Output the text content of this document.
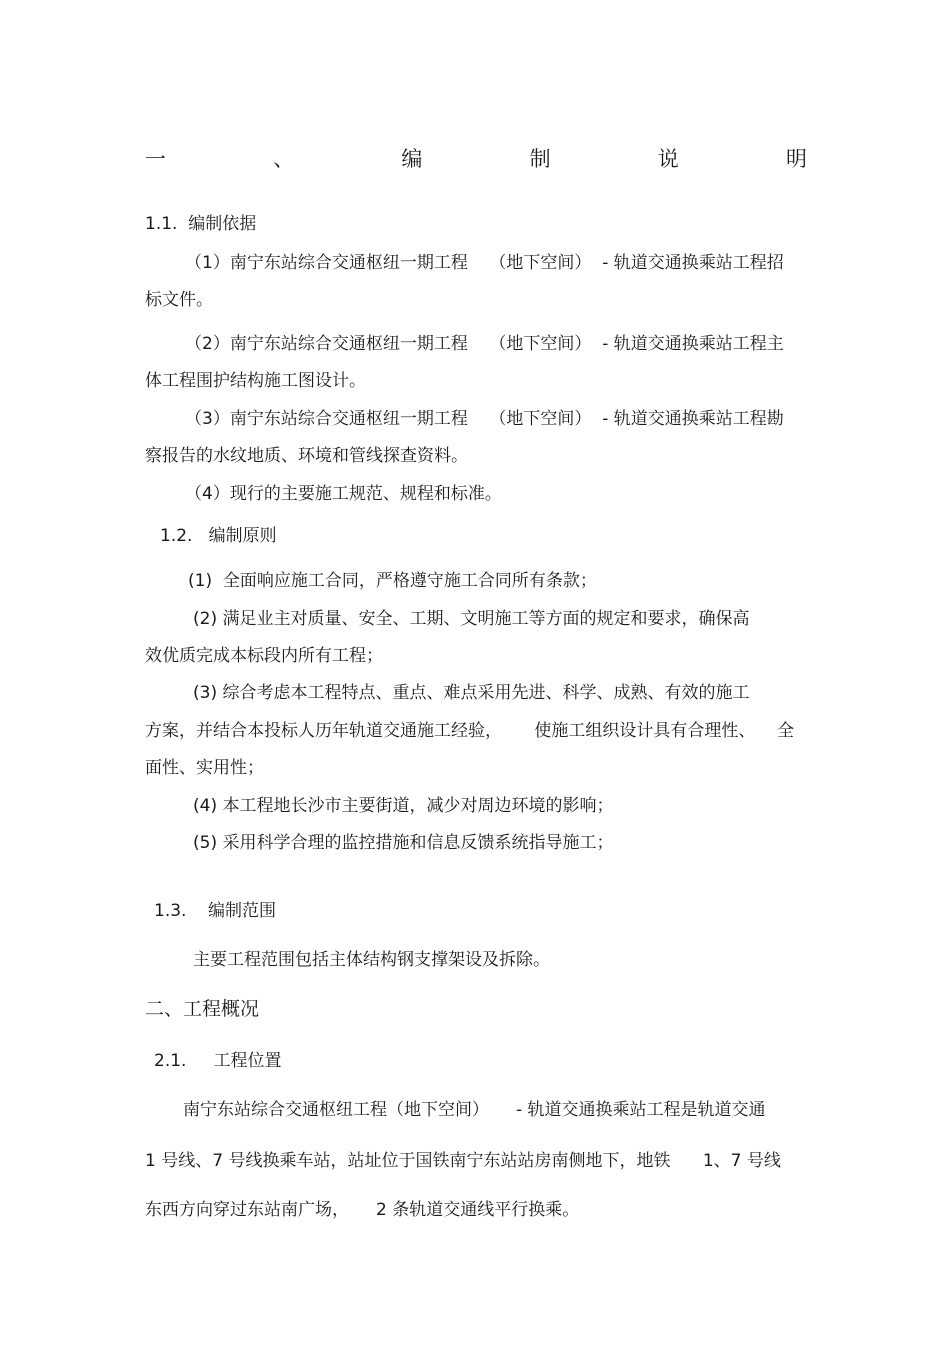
一	、	编	制	说	明
1.1.  编制依据
（1）南宁东站综合交通枢纽一期工程    （地下空间）  - 轨道交通换乘站工程招
标文件。
（2）南宁东站综合交通枢纽一期工程    （地下空间）  - 轨道交通换乘站工程主
体工程围护结构施工图设计。
（3）南宁东站综合交通枢纽一期工程    （地下空间）  - 轨道交通换乘站工程勘
察报告的水纹地质、环境和管线探查资料。
（4）现行的主要施工规范、规程和标准。
1.2.   编制原则
(1)  全面响应施工合同，严格遵守施工合同所有条款；
(2) 满足业主对质量、安全、工期、文明施工等方面的规定和要求，确保高
效优质完成本标段内所有工程；
(3) 综合考虑本工程特点、重点、难点采用先进、科学、成熟、有效的施工
方案，并结合本投标人历年轨道交通施工经验，      使施工组织设计具有合理性、    全
面性、实用性；
(4) 本工程地长沙市主要街道，减少对周边环境的影响；
(5) 采用科学合理的监控措施和信息反馈系统指导施工；
1.3.    编制范围
主要工程范围包括主体结构钢支撑架设及拆除。
二、工程概况
2.1.     工程位置
南宁东站综合交通枢纽工程（地下空间）     - 轨道交通换乘站工程是轨道交通
1 号线、7 号线换乘车站，站址位于国铁南宁东站站房南侧地下，地铁      1、7 号线
东西方向穿过东站南广场，     2 条轨道交通线平行换乘。
